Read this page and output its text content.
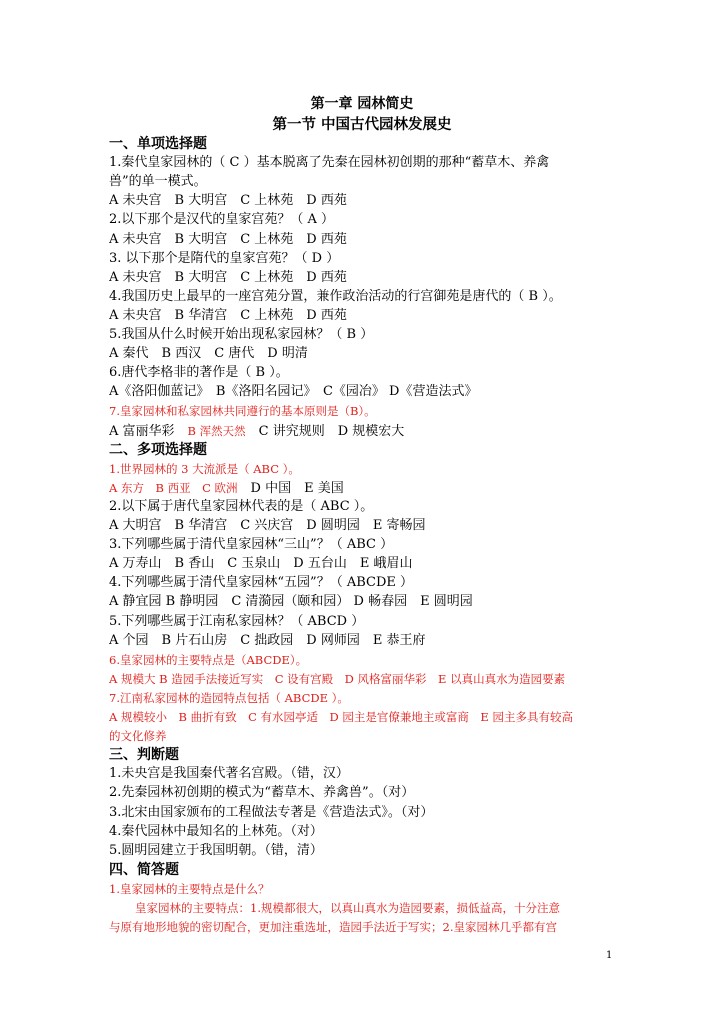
第一章 园林简史
第一节 中国古代园林发展史
一、单项选择题
1.秦代皇家园林的（ C ）基本脱离了先秦在园林初创期的那种“蓄草木、养禽
兽”的单一模式。
A 未央宫　B 大明宫　C 上林苑　D 西苑
2.以下那个是汉代的皇家宫苑？（ A ）
A 未央宫　B 大明宫　C 上林苑　D 西苑
3. 以下那个是隋代的皇家宫苑？（ D ）
A 未央宫　B 大明宫　C 上林苑　D 西苑
4.我国历史上最早的一座宫苑分置，兼作政治活动的行宫御苑是唐代的（ B ）。
A 未央宫　B 华清宫　C 上林苑　D 西苑
5.我国从什么时候开始出现私家园林？（ B ）
A 秦代　B 西汉　C 唐代　D 明清
6.唐代李格非的著作是（ B ）。
A《洛阳伽蓝记》　B《洛阳名园记》　C《园冶》 D《营造法式》
7.皇家园林和私家园林共同遵行的基本原则是（B）。
A 富丽华彩　B 浑然天然　C 讲究规则　D 规模宏大
二、多项选择题
1.世界园林的 3 大流派是（ ABC ）。
A 东方　B 西亚　C 欧洲　D 中国　E 美国
2.以下属于唐代皇家园林代表的是（ ABC ）。
A 大明宫　B 华清宫　C 兴庆宫　D 圆明园　E 寄畅园
3.下列哪些属于清代皇家园林“三山”？（ ABC ）
A 万寿山　B 香山　C 玉泉山　D 五台山　E 峨眉山
4.下列哪些属于清代皇家园林“五园”？（ ABCDE ）
A 静宜园 B 静明园　C 清漪园（颐和园） D 畅春园　E 圆明园
5.下列哪些属于江南私家园林？（ ABCD ）
A 个园　B 片石山房　C 拙政园　D 网师园　E 恭王府
6.皇家园林的主要特点是（ABCDE）。
A 规模大 B 造园手法接近写实　C 设有宫殿　D 风格富丽华彩　E 以真山真水为造园要素
7.江南私家园林的造园特点包括（ ABCDE ）。
A 规模较小　B 曲折有致　C 有水园亭适　D 园主是官僚兼地主或富商　E 园主多具有较高
的文化修养
三、判断题
1.未央宫是我国秦代著名宫殿。（错，汉）
2.先秦园林初创期的模式为“蓄草木、养禽兽”。（对）
3.北宋由国家颁布的工程做法专著是《营造法式》。（对）
4.秦代园林中最知名的上林苑。（对）
5.圆明园建立于我国明朝。（错，清）
四、简答题
1.皇家园林的主要特点是什么？
皇家园林的主要特点：1.规模都很大，以真山真水为造园要素，损低益高，十分注意
与原有地形地貌的密切配合，更加注重选址，造园手法近于写实；2.皇家园林几乎都有宫
1
